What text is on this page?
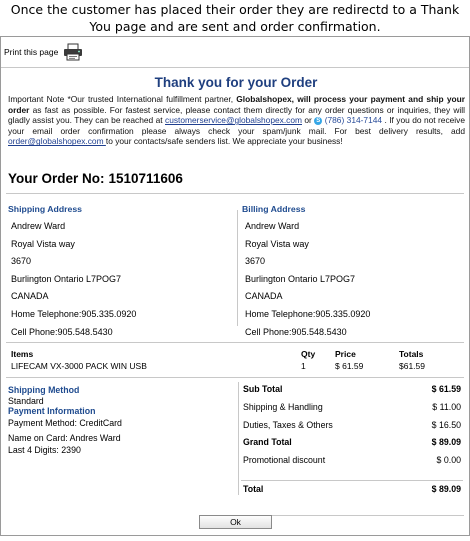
Once the customer has placed their order they are redirectd to a Thank You page and are sent and order confirmation.
Print this page
Thank you for your Order
Important Note *Our trusted International fulfillment partner, Globalshopex, will process your payment and ship your order as fast as possible. For fastest service, please contact them directly for any order questions or inquiries, they will gladly assist you. They can be reached at customerservice@globalshopex.com or S (786) 314-7144 . If you do not receive your email order confirmation please always check your spam/junk mail. For best delivery results, add order@globalshopex.com to your contacts/safe senders list. We appreciate your business!
Your Order No: 1510711606
Shipping Address
Andrew Ward
Royal Vista way
3670
Burlington Ontario L7POG7
CANADA
Home Telephone:905.335.0920
Cell Phone:905.548.5430
Billing Address
Andrew Ward
Royal Vista way
3670
Burlington Ontario L7POG7
CANADA
Home Telephone:905.335.0920
Cell Phone:905.548.5430
Items	Qty Price	Totals
LIFECAM VX-3000 PACK WIN USB	1	$ 61.59	$61.59
Shipping Method
Standard
Payment Information
Payment Method: CreditCard
Name on Card: Andres Ward
Last 4 Digits: 2390
Sub Total	$ 61.59
Shipping & Handling	$ 11.00
Duties, Taxes & Others	$ 16.50
Grand Total	$ 89.09
Promotional discount	$ 0.00
Total	$ 89.09
Ok
